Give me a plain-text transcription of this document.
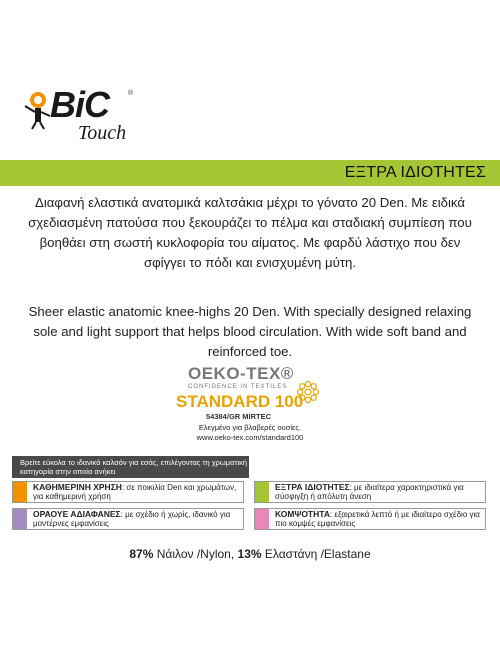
BiC	®
Touch
ΕΞΤΡΑ ΙΔΙΟΤΗΤΕΣ

Διαφανή ελαστικά ανατομικά καλτσάκια μέχρι το γόνατο 20 Den. Με ειδικά σχεδιασμένη πατούσα που ξεκουράζει το πέλμα και σταδιακή συμπίεση που βοηθάει στη σωστή κυκλοφορία του αίματος. Με φαρδύ λάστιχο που δεν σφίγγει το πόδι και ενισχυμένη μύτη.

Sheer elastic anatomic knee-highs 20 Den. With specially designed relaxing sole and light support that helps blood circulation. With wide soft band and reinforced toe.

OEKO-TEX®
CONFIDENCE IN TEXTILES
STANDARD 100
54384/GR MIRTEC
Ελεγμένο για βλαβερές ουσίες.
www.oeko-tex.com/standard100
Βρείτε εύκολα το ιδανικό καλσόν για εσάς, επιλέγοντας τη χρωματική κατηγορία στην οποία ανήκει
ΚΑΘΗΜΕΡΙΝΗ ΧΡΗΣΗ: σε ποικιλία Den και χρωμάτων, για καθημερινή χρήση
ΕΞΤΡΑ ΙΔΙΟΤΗΤΕΣ: με ιδιαίτερα χαρακτηριστικά για σύσφιγξη ή απόλυτη άνεση
ΟΡΑΟΥΕ ΑΔΙΑΦΑΝΕΣ: με σχέδιο ή χωρίς, ιδανικό για μοντέρνες εμφανίσεις
ΚΟΜΨΟΤΗΤΑ: εξαιρετικά λεπτό ή με ιδιαίτερο σχέδιο για πιο κομψές εμφανίσεις
87% Νάιλον /Nylon, 13% Ελαστάνη /Elastane
